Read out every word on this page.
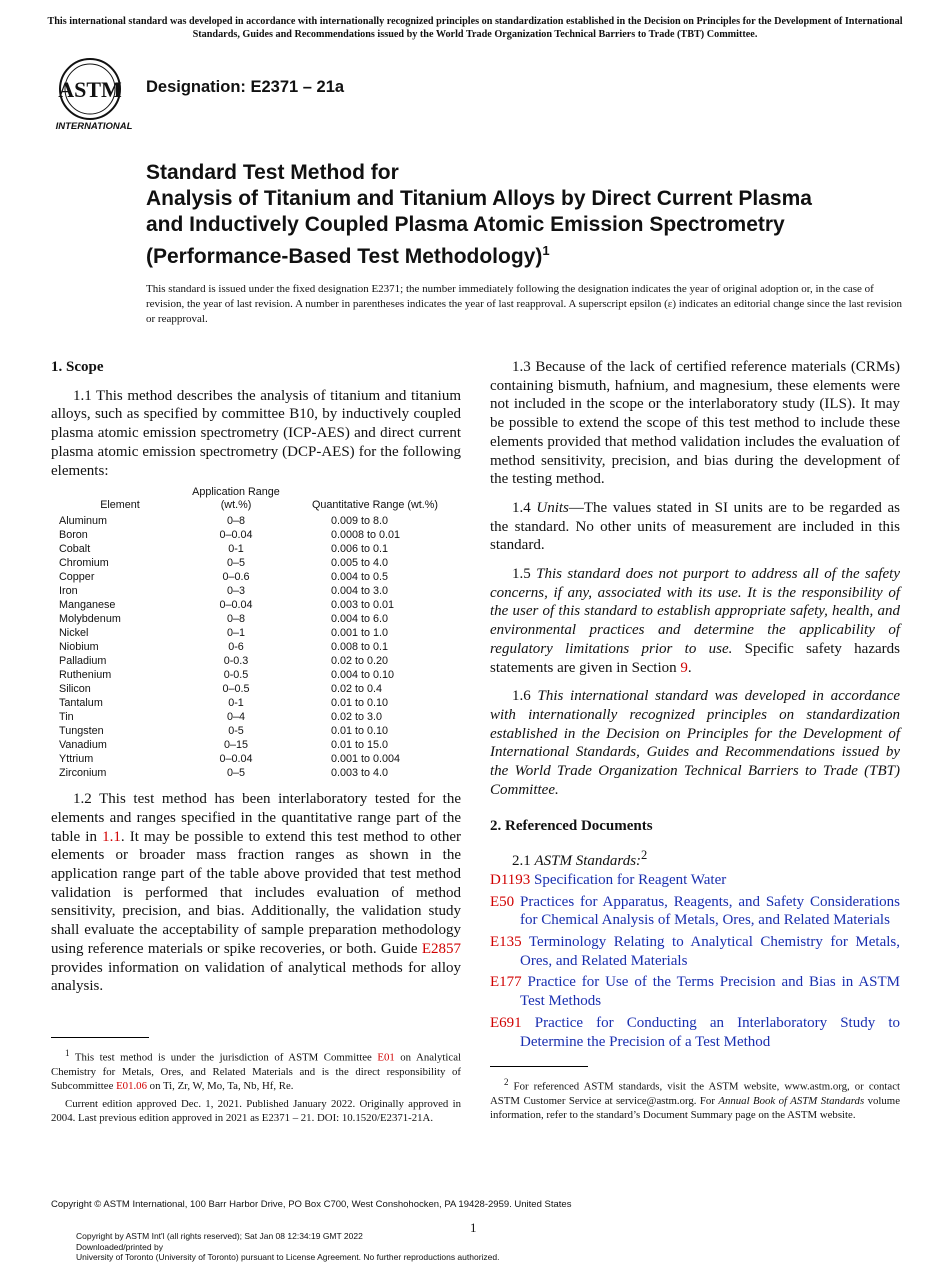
This international standard was developed in accordance with internationally recognized principles on standardization established in the Decision on Principles for the Development of International Standards, Guides and Recommendations issued by the World Trade Organization Technical Barriers to Trade (TBT) Committee.
ASTM
INTERNATIONAL
Designation: E2371 – 21a
Standard Test Method for
Analysis of Titanium and Titanium Alloys by Direct Current Plasma and Inductively Coupled Plasma Atomic Emission Spectrometry (Performance-Based Test Methodology)$^1$
This standard is issued under the fixed designation E2371; the number immediately following the designation indicates the year of original adoption or, in the case of revision, the year of last revision. A number in parentheses indicates the year of last reapproval. A superscript epsilon (ε) indicates an editorial change since the last revision or reapproval.
1. Scope

1.1 This method describes the analysis of titanium and titanium alloys, such as specified by committee B10, by inductively coupled plasma atomic emission spectrometry (ICP-AES) and direct current plasma atomic emission spectrometry (DCP-AES) for the following elements:

Element	Application Range (wt.%)	Quantitative Range (wt.%)
Aluminum	0–8	0.009 to 8.0
Boron	0–0.04	0.0008 to 0.01
Cobalt	0-1	0.006 to 0.1
Chromium	0–5	0.005 to 4.0
Copper	0–0.6	0.004 to 0.5
Iron	0–3	0.004 to 3.0
Manganese	0–0.04	0.003 to 0.01
Molybdenum	0–8	0.004 to 6.0
Nickel	0–1	0.001 to 1.0
Niobium	0-6	0.008 to 0.1
Palladium	0-0.3	0.02 to 0.20
Ruthenium	0-0.5	0.004 to 0.10
Silicon	0–0.5	0.02 to 0.4
Tantalum	0-1	0.01 to 0.10
Tin	0–4	0.02 to 3.0
Tungsten	0-5	0.01 to 0.10
Vanadium	0–15	0.01 to 15.0
Yttrium	0–0.04	0.001 to 0.004
Zirconium	0–5	0.003 to 4.0

1.2 This test method has been interlaboratory tested for the elements and ranges specified in the quantitative range part of the table in 1.1. It may be possible to extend this test method to other elements or broader mass fraction ranges as shown in the application range part of the table above provided that test method validation is performed that includes evaluation of method sensitivity, precision, and bias. Additionally, the validation study shall evaluate the acceptability of sample preparation methodology using reference materials or spike recoveries, or both. Guide E2857 provides information on validation of analytical methods for alloy analysis.

$^1$ This test method is under the jurisdiction of ASTM Committee E01 on Analytical Chemistry for Metals, Ores, and Related Materials and is the direct responsibility of Subcommittee E01.06 on Ti, Zr, W, Mo, Ta, Nb, Hf, Re.

Current edition approved Dec. 1, 2021. Published January 2022. Originally approved in 2004. Last previous edition approved in 2021 as E2371 – 21. DOI: 10.1520/E2371-21A.

1.3 Because of the lack of certified reference materials (CRMs) containing bismuth, hafnium, and magnesium, these elements were not included in the scope or the interlaboratory study (ILS). It may be possible to extend the scope of this test method to include these elements provided that method validation includes the evaluation of method sensitivity, precision, and bias during the development of the testing method.

1.4 Units—The values stated in SI units are to be regarded as the standard. No other units of measurement are included in this standard.

1.5 This standard does not purport to address all of the safety concerns, if any, associated with its use. It is the responsibility of the user of this standard to establish appropriate safety, health, and environmental practices and determine the applicability of regulatory limitations prior to use. Specific safety hazards statements are given in Section 9.

1.6 This international standard was developed in accordance with internationally recognized principles on standardization established in the Decision on Principles for the Development of International Standards, Guides and Recommendations issued by the World Trade Organization Technical Barriers to Trade (TBT) Committee.

2. Referenced Documents

2.1 ASTM Standards:$^2$

D1193 Specification for Reagent Water
E50 Practices for Apparatus, Reagents, and Safety Considerations for Chemical Analysis of Metals, Ores, and Related Materials
E135 Terminology Relating to Analytical Chemistry for Metals, Ores, and Related Materials
E177 Practice for Use of the Terms Precision and Bias in ASTM Test Methods
E691 Practice for Conducting an Interlaboratory Study to Determine the Precision of a Test Method

$^2$ For referenced ASTM standards, visit the ASTM website, www.astm.org, or contact ASTM Customer Service at service@astm.org. For Annual Book of ASTM Standards volume information, refer to the standard’s Document Summary page on the ASTM website.

Copyright © ASTM International, 100 Barr Harbor Drive, PO Box C700, West Conshohocken, PA 19428-2959. United States
1
Copyright by ASTM Int'l (all rights reserved); Sat Jan 08 12:34:19 GMT 2022
Downloaded/printed by
University of Toronto (University of Toronto) pursuant to License Agreement. No further reproductions authorized.
